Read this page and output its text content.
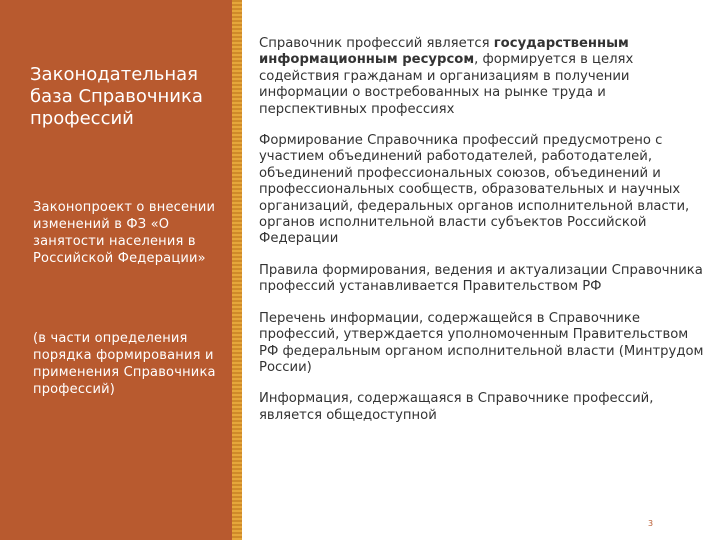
Законодательная база Справочника профессий

Законопроект о внесении изменений в ФЗ «О занятости населения в Российской Федерации»

(в части определения порядка формирования и применения Справочника профессий)

Справочник профессий является государственным информационным ресурсом, формируется в целях содействия гражданам и организациям в получении информации о востребованных на рынке труда и перспективных профессиях

Формирование Справочника профессий предусмотрено с участием объединений работодателей, работодателей, объединений профессиональных союзов, объединений и профессиональных сообществ, образовательных и научных организаций, федеральных органов исполнительной власти, органов исполнительной власти субъектов Российской Федерации

Правила формирования, ведения и актуализации Справочника профессий устанавливается Правительством РФ

Перечень информации, содержащейся в Справочнике профессий, утверждается уполномоченным Правительством РФ федеральным органом исполнительной власти (Минтрудом России)

Информация, содержащаяся в Справочнике профессий, является общедоступной

3
